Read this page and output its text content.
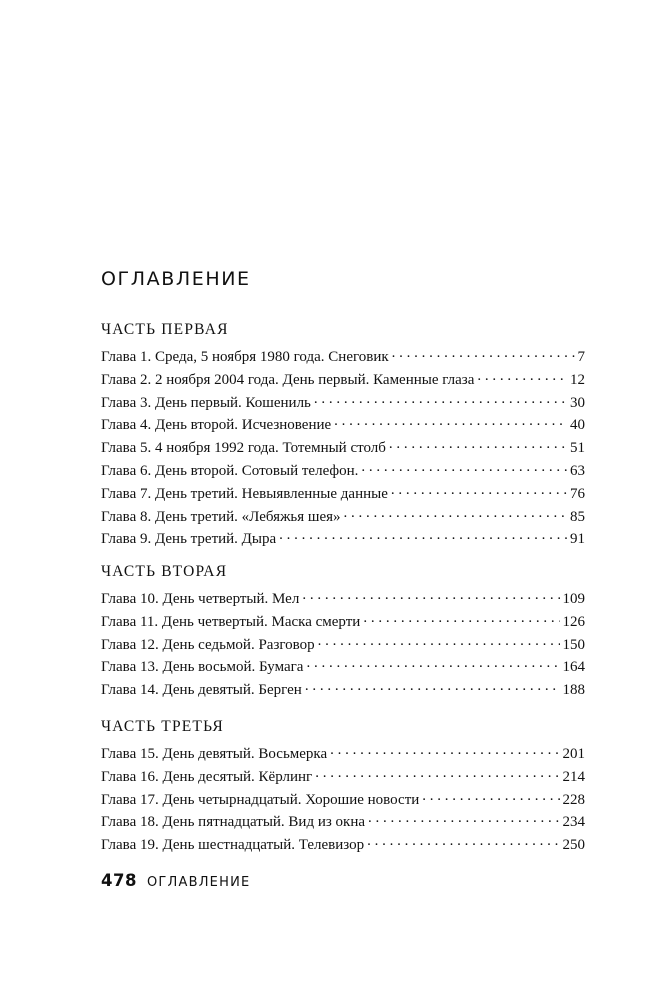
ОГЛАВЛЕНИЕ
ЧАСТЬ ПЕРВАЯ
Глава 1. Среда, 5 ноября 1980 года. Снеговик . . .	7
Глава 2. 2 ноября 2004 года. День первый. Каменные глаза . . .	12
Глава 3. День первый. Кошениль . . .	30
Глава 4. День второй. Исчезновение . . .	40
Глава 5. 4 ноября 1992 года. Тотемный столб . . .	51
Глава 6. День второй. Сотовый телефон. . . .	63
Глава 7. День третий. Невыявленные данные . . .	76
Глава 8. День третий. «Лебяжья шея» . . .	85
Глава 9. День третий. Дыра . . .	91
ЧАСТЬ ВТОРАЯ
Глава 10. День четвертый. Мел . . .	109
Глава 11. День четвертый. Маска смерти . . .	126
Глава 12. День седьмой. Разговор . . .	150
Глава 13. День восьмой. Бумага . . .	164
Глава 14. День девятый. Берген . . .	188
ЧАСТЬ ТРЕТЬЯ
Глава 15. День девятый. Восьмерка . . .	201
Глава 16. День десятый. Кёрлинг . . .	214
Глава 17. День четырнадцатый. Хорошие новости . . .	228
Глава 18. День пятнадцатый. Вид из окна . . .	234
Глава 19. День шестнадцатый. Телевизор . . .	250
478 ОГЛАВЛЕНИЕ
